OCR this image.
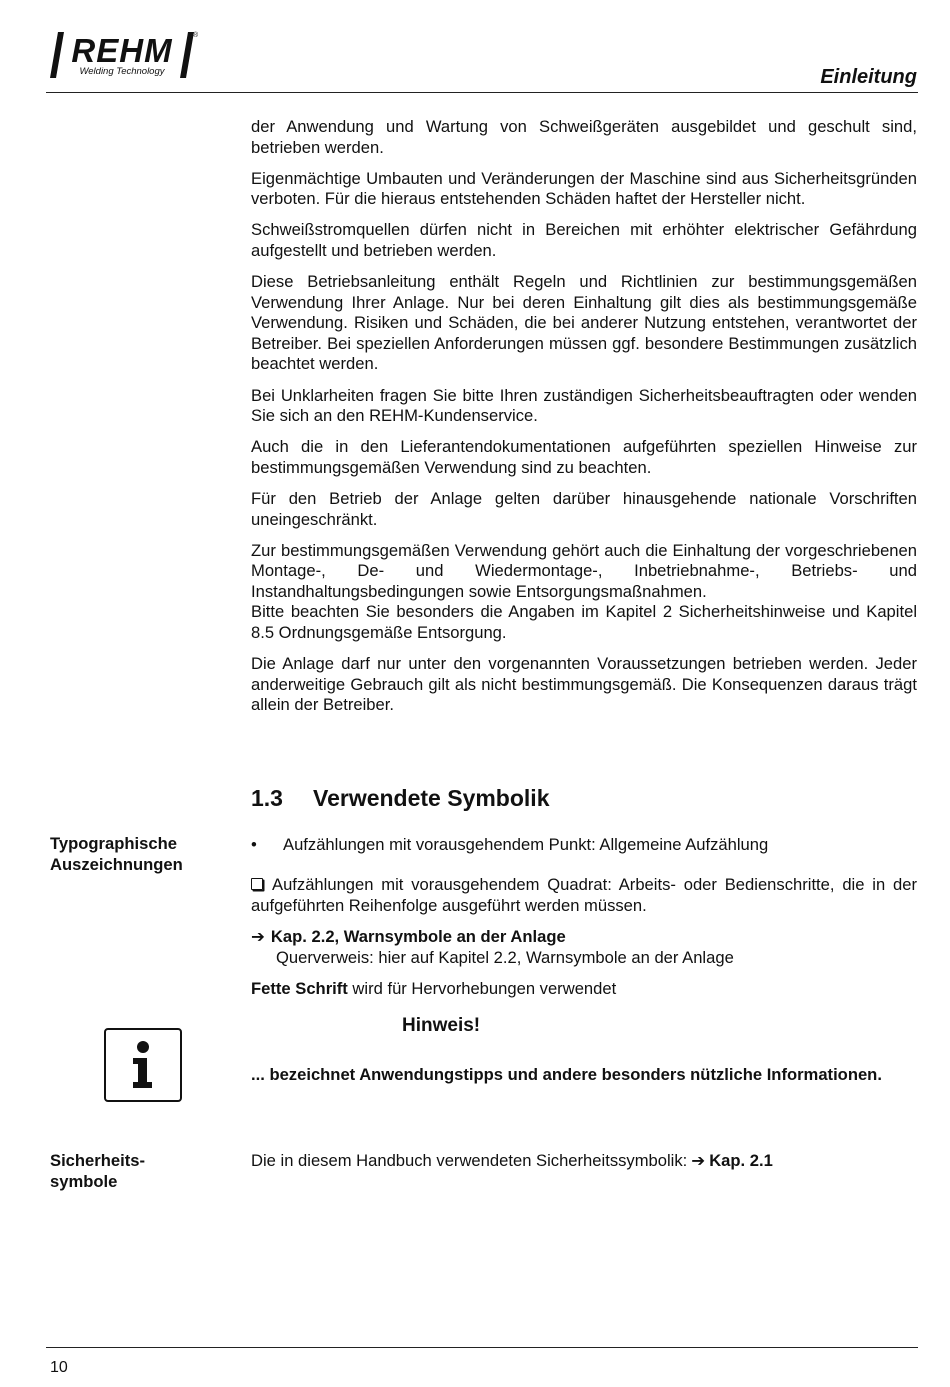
REHM	®
Welding Technology	Einleitung

der Anwendung und Wartung von Schweißgeräten ausgebildet und geschult sind, betrieben werden.

Eigenmächtige Umbauten und Veränderungen der Maschine sind aus Sicherheitsgründen verboten. Für die hieraus entstehenden Schäden haftet der Hersteller nicht.

Schweißstromquellen dürfen nicht in Bereichen mit erhöhter elektrischer Gefährdung aufgestellt und betrieben werden.

Diese Betriebsanleitung enthält Regeln und Richtlinien zur bestimmungsgemäßen Verwendung Ihrer Anlage. Nur bei deren Einhaltung gilt dies als bestimmungsgemäße Verwendung. Risiken und Schäden, die bei anderer Nutzung entstehen, verantwortet der Betreiber. Bei speziellen Anforderungen müssen ggf. besondere Bestimmungen zusätzlich beachtet werden.

Bei Unklarheiten fragen Sie bitte Ihren zuständigen Sicherheitsbeauftragten oder wenden Sie sich an den REHM-Kundenservice.

Auch die in den Lieferantendokumentationen aufgeführten speziellen Hinweise zur bestimmungsgemäßen Verwendung sind zu beachten.

Für den Betrieb der Anlage gelten darüber hinausgehende nationale Vorschriften uneingeschränkt.

Zur bestimmungsgemäßen Verwendung gehört auch die Einhaltung der vorgeschriebenen Montage-, De- und Wiedermontage-, Inbetriebnahme-, Betriebs- und Instandhaltungsbedingungen sowie Entsorgungsmaßnahmen.
Bitte beachten Sie besonders die Angaben im Kapitel 2 Sicherheitshinweise und Kapitel 8.5 Ordnungsgemäße Entsorgung.

Die Anlage darf nur unter den vorgenannten Voraussetzungen betrieben werden. Jeder anderweitige Gebrauch gilt als nicht bestimmungsgemäß. Die Konsequenzen daraus trägt allein der Betreiber.

1.3 Verwendete Symbolik
Typographische
Auszeichnungen
• Aufzählungen mit vorausgehendem Punkt: Allgemeine Aufzählung
Aufzählungen mit vorausgehendem Quadrat: Arbeits- oder Bedienschritte, die in der aufgeführten Reihenfolge ausgeführt werden müssen.
➔ Kap. 2.2, Warnsymbole an der Anlage
Querverweis: hier auf Kapitel 2.2, Warnsymbole an der Anlage
Fette Schrift wird für Hervorhebungen verwendet
Hinweis!
... bezeichnet Anwendungstipps und andere besonders nützliche Informationen.
Sicherheits-
symbole
Die in diesem Handbuch verwendeten Sicherheitssymbolik: ➔ Kap. 2.1
10
